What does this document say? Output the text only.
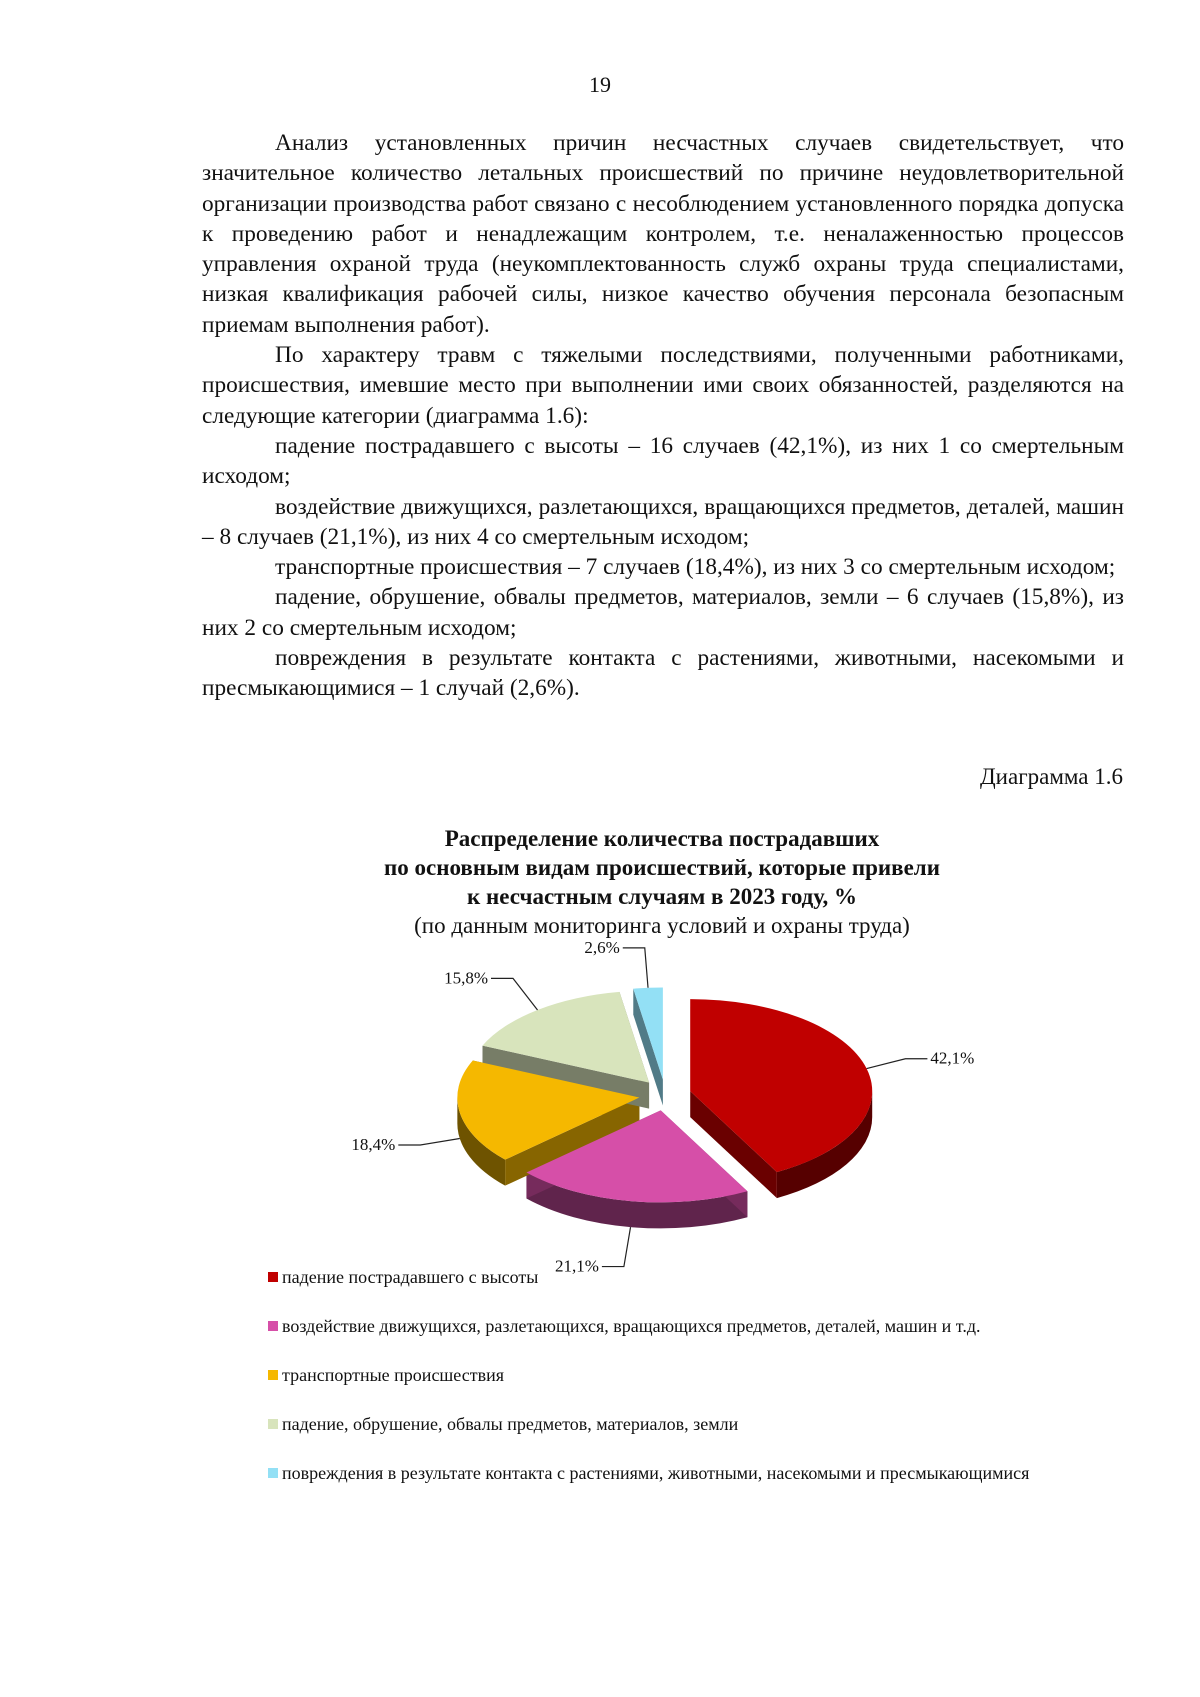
19

Анализ установленных причин несчастных случаев свидетельствует, что значительное количество летальных происшествий по причине неудовлетворительной организации производства работ связано с несоблюдением установленного порядка допуска к проведению работ и ненадлежащим контролем, т.е. неналаженностью процессов управления охраной труда (неукомплектованность служб охраны труда специалистами, низкая квалификация рабочей силы, низкое качество обучения персонала безопасным приемам выполнения работ).

По характеру травм с тяжелыми последствиями, полученными работниками, происшествия, имевшие место при выполнении ими своих обязанностей, разделяются на следующие категории (диаграмма 1.6):

падение пострадавшего с высоты – 16 случаев (42,1%), из них 1 со смертельным исходом;

воздействие движущихся, разлетающихся, вращающихся предметов, деталей, машин – 8 случаев (21,1%), из них 4 со смертельным исходом;

транспортные происшествия – 7 случаев (18,4%), из них 3 со смертельным исходом;

падение, обрушение, обвалы предметов, материалов, земли – 6 случаев (15,8%), из них 2 со смертельным исходом;

повреждения в результате контакта с растениями, животными, насекомыми и пресмыкающимися – 1 случай (2,6%).

Диаграмма 1.6
Распределение количества пострадавших
по основным видам происшествий, которые привели
к несчастным случаям в 2023 году, %
(по данным мониторинга условий и охраны труда)
42,1%
21,1%
18,4%
15,8%
2,6%
падение пострадавшего с высоты
воздействие движущихся, разлетающихся, вращающихся предметов, деталей, машин и т.д.
транспортные происшествия
падение, обрушение, обвалы предметов, материалов, земли
повреждения в результате контакта с растениями, животными, насекомыми и пресмыкающимися
